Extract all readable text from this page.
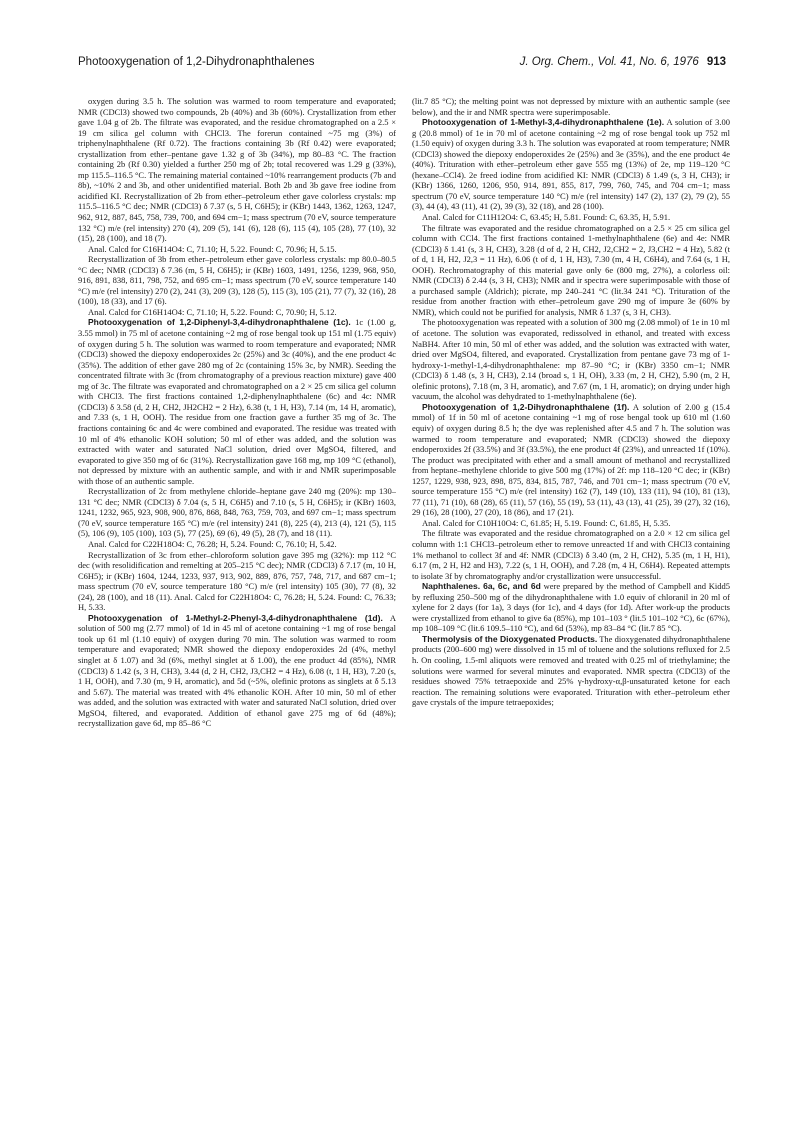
Photooxygenation of 1,2-Dihydronaphthalenes	J. Org. Chem., Vol. 41, No. 6, 1976 913

oxygen during 3.5 h. The solution was warmed to room temperature and evaporated; NMR (CDCl3) showed two compounds, 2b (40%) and 3b (60%). Crystallization from ether gave 1.04 g of 2b. The filtrate was evaporated, and the residue chromatographed on a 2.5 × 19 cm silica gel column with CHCl3. The forerun contained ~75 mg (3%) of triphenylnaphthalene (Rf 0.72). The fractions containing 3b (Rf 0.42) were evaporated; crystallization from ether–pentane gave 1.32 g of 3b (34%), mp 80–83 °C. The fraction containing 2b (Rf 0.30) yielded a further 250 mg of 2b; total recovered was 1.29 g (33%), mp 115.5–116.5 °C. The remaining material contained ~10% rearrangement products (7b and 8b), ~10% 2 and 3b, and other unidentified material. Both 2b and 3b gave free iodine from acidified KI. Recrystallization of 2b from ether–petroleum ether gave colorless crystals: mp 115.5–116.5 °C dec; NMR (CDCl3) δ 7.37 (s, 5 H, C6H5); ir (KBr) 1443, 1362, 1263, 1247, 962, 912, 887, 845, 758, 739, 700, and 694 cm−1; mass spectrum (70 eV, source temperature 132 °C) m/e (rel intensity) 270 (4), 209 (5), 141 (6), 128 (6), 115 (4), 105 (28), 77 (10), 32 (15), 28 (100), and 18 (7).

Anal. Calcd for C16H14O4: C, 71.10; H, 5.22. Found: C, 70.96; H, 5.15.

Recrystallization of 3b from ether–petroleum ether gave colorless crystals: mp 80.0–80.5 °C dec; NMR (CDCl3) δ 7.36 (m, 5 H, C6H5); ir (KBr) 1603, 1491, 1256, 1239, 968, 950, 916, 891, 838, 811, 798, 752, and 695 cm−1; mass spectrum (70 eV, source temperature 140 °C) m/e (rel intensity) 270 (2), 241 (3), 209 (3), 128 (5), 115 (3), 105 (21), 77 (7), 32 (16), 28 (100), 18 (33), and 17 (6).

Anal. Calcd for C16H14O4: C, 71.10; H, 5.22. Found: C, 70.90; H, 5.12.

Photooxygenation of 1,2-Diphenyl-3,4-dihydronaphthalene (1c). 1c (1.00 g, 3.55 mmol) in 75 ml of acetone containing ~2 mg of rose bengal took up 151 ml (1.75 equiv) of oxygen during 5 h. The solution was warmed to room temperature and evaporated; NMR (CDCl3) showed the diepoxy endoperoxides 2c (25%) and 3c (40%), and the ene product 4c (35%). The addition of ether gave 280 mg of 2c (containing 15% 3c, by NMR). Seeding the concentrated filtrate with 3c (from chromatography of a previous reaction mixture) gave 400 mg of 3c. The filtrate was evaporated and chromatographed on a 2 × 25 cm silica gel column with CHCl3. The first fractions contained 1,2-diphenylnaphthalene (6c) and 4c: NMR (CDCl3) δ 3.58 (d, 2 H, CH2, JH2CH2 = 2 Hz), 6.38 (t, 1 H, H3), 7.14 (m, 14 H, aromatic), and 7.33 (s, 1 H, OOH). The residue from one fraction gave a further 35 mg of 3c. The fractions containing 6c and 4c were combined and evaporated. The residue was treated with 10 ml of 4% ethanolic KOH solution; 50 ml of ether was added, and the solution was extracted with water and saturated NaCl solution, dried over MgSO4, filtered, and evaporated to give 350 mg of 6c (31%). Recrystallization gave 168 mg, mp 109 °C (ethanol), not depressed by mixture with an authentic sample, and with ir and NMR superimposable with those of an authentic sample.

Recrystallization of 2c from methylene chloride–heptane gave 240 mg (20%): mp 130–131 °C dec; NMR (CDCl3) δ 7.04 (s, 5 H, C6H5) and 7.10 (s, 5 H, C6H5); ir (KBr) 1603, 1241, 1232, 965, 923, 908, 900, 876, 868, 848, 763, 759, 703, and 697 cm−1; mass spectrum (70 eV, source temperature 165 °C) m/e (rel intensity) 241 (8), 225 (4), 213 (4), 121 (5), 115 (5), 106 (9), 105 (100), 103 (5), 77 (25), 69 (6), 49 (5), 28 (7), and 18 (11).

Anal. Calcd for C22H18O4: C, 76.28; H, 5.24. Found: C, 76.10; H, 5.42.

Recrystallization of 3c from ether–chloroform solution gave 395 mg (32%): mp 112 °C dec (with resolidification and remelting at 205–215 °C dec); NMR (CDCl3) δ 7.17 (m, 10 H, C6H5); ir (KBr) 1604, 1244, 1233, 937, 913, 902, 889, 876, 757, 748, 717, and 687 cm−1; mass spectrum (70 eV, source temperature 180 °C) m/e (rel intensity) 105 (30), 77 (8), 32 (24), 28 (100), and 18 (11). Anal. Calcd for C22H18O4: C, 76.28; H, 5.24. Found: C, 76.33; H, 5.33.

Photooxygenation of 1-Methyl-2-Phenyl-3,4-dihydronaphthalene (1d). A solution of 500 mg (2.77 mmol) of 1d in 45 ml of acetone containing ~1 mg of rose bengal took up 61 ml (1.10 equiv) of oxygen during 70 min. The solution was warmed to room temperature and evaporated; NMR showed the diepoxy endoperoxides 2d (4%, methyl singlet at δ 1.07) and 3d (6%, methyl singlet at δ 1.00), the ene product 4d (85%), NMR (CDCl3) δ 1.42 (s, 3 H, CH3), 3.44 (d, 2 H, CH2, J3,CH2 = 4 Hz), 6.08 (t, 1 H, H3), 7.20 (s, 1 H, OOH), and 7.30 (m, 9 H, aromatic), and 5d (~5%, olefinic protons as singlets at δ 5.13 and 5.67). The material was treated with 4% ethanolic KOH. After 10 min, 50 ml of ether was added, and the solution was extracted with water and saturated NaCl solution, dried over MgSO4, filtered, and evaporated. Addition of ethanol gave 275 mg of 6d (48%); recrystallization gave 6d, mp 85–86 °C

(lit.7 85 °C); the melting point was not depressed by mixture with an authentic sample (see below), and the ir and NMR spectra were superimposable.

Photooxygenation of 1-Methyl-3,4-dihydronaphthalene (1e). A solution of 3.00 g (20.8 mmol) of 1e in 70 ml of acetone containing ~2 mg of rose bengal took up 752 ml (1.50 equiv) of oxygen during 3.3 h. The solution was evaporated at room temperature; NMR (CDCl3) showed the diepoxy endoperoxides 2e (25%) and 3e (35%), and the ene product 4e (40%). Trituration with ether–petroleum ether gave 555 mg (13%) of 2e, mp 119–120 °C (hexane–CCl4). 2e freed iodine from acidified KI: NMR (CDCl3) δ 1.49 (s, 3 H, CH3); ir (KBr) 1366, 1260, 1206, 950, 914, 891, 855, 817, 799, 760, 745, and 704 cm−1; mass spectrum (70 eV, source temperature 140 °C) m/e (rel intensity) 147 (2), 137 (2), 79 (2), 55 (3), 44 (4), 43 (11), 41 (2), 39 (3), 32 (18), and 28 (100).

Anal. Calcd for C11H12O4: C, 63.45; H, 5.81. Found: C, 63.35, H, 5.91.

The filtrate was evaporated and the residue chromatographed on a 2.5 × 25 cm silica gel column with CCl4. The first fractions contained 1-methylnaphthalene (6e) and 4e: NMR (CDCl3) δ 1.41 (s, 3 H, CH3), 3.28 (d of d, 2 H, CH2, J2,CH2 = 2, J3,CH2 = 4 Hz), 5.82 (t of d, 1 H, H2, J2,3 = 11 Hz), 6.06 (t of d, 1 H, H3), 7.30 (m, 4 H, C6H4), and 7.64 (s, 1 H, OOH). Rechromatography of this material gave only 6e (800 mg, 27%), a colorless oil: NMR (CDCl3) δ 2.44 (s, 3 H, CH3); NMR and ir spectra were superimposable with those of a purchased sample (Aldrich); picrate, mp 240–241 °C (lit.34 241 °C). Trituration of the residue from another fraction with ether–petroleum gave 290 mg of impure 3e (60% by NMR), which could not be purified for analysis, NMR δ 1.37 (s, 3 H, CH3).

The photooxygenation was repeated with a solution of 300 mg (2.08 mmol) of 1e in 10 ml of acetone. The solution was evaporated, redissolved in ethanol, and treated with excess NaBH4. After 10 min, 50 ml of ether was added, and the solution was extracted with water, dried over MgSO4, filtered, and evaporated. Crystallization from pentane gave 73 mg of 1-hydroxy-1-methyl-1,4-dihydronaphthalene: mp 87–90 °C; ir (KBr) 3350 cm−1; NMR (CDCl3) δ 1.48 (s, 3 H, CH3), 2.14 (broad s, 1 H, OH), 3.33 (m, 2 H, CH2), 5.90 (m, 2 H, olefinic protons), 7.18 (m, 3 H, aromatic), and 7.67 (m, 1 H, aromatic); on drying under high vacuum, the alcohol was dehydrated to 1-methylnaphthalene (6e).

Photooxygenation of 1,2-Dihydronaphthalene (1f). A solution of 2.00 g (15.4 mmol) of 1f in 50 ml of acetone containing ~1 mg of rose bengal took up 610 ml (1.60 equiv) of oxygen during 8.5 h; the dye was replenished after 4.5 and 7 h. The solution was warmed to room temperature and evaporated; NMR (CDCl3) showed the diepoxy endoperoxides 2f (33.5%) and 3f (33.5%), the ene product 4f (23%), and unreacted 1f (10%). The product was precipitated with ether and a small amount of methanol and recrystallized from heptane–methylene chloride to give 500 mg (17%) of 2f: mp 118–120 °C dec; ir (KBr) 1257, 1229, 938, 923, 898, 875, 834, 815, 787, 746, and 701 cm−1; mass spectrum (70 eV, source temperature 155 °C) m/e (rel intensity) 162 (7), 149 (10), 133 (11), 94 (10), 81 (13), 77 (11), 71 (10), 68 (28), 65 (11), 57 (16), 55 (19), 53 (11), 43 (13), 41 (25), 39 (27), 32 (16), 29 (16), 28 (100), 27 (20), 18 (86), and 17 (21).

Anal. Calcd for C10H10O4: C, 61.85; H, 5.19. Found: C, 61.85, H, 5.35.

The filtrate was evaporated and the residue chromatographed on a 2.0 × 12 cm silica gel column with 1:1 CHCl3–petroleum ether to remove unreacted 1f and with CHCl3 containing 1% methanol to collect 3f and 4f: NMR (CDCl3) δ 3.40 (m, 2 H, CH2), 5.35 (m, 1 H, H1), 6.17 (m, 2 H, H2 and H3), 7.22 (s, 1 H, OOH), and 7.28 (m, 4 H, C6H4). Repeated attempts to isolate 3f by chromatography and/or crystallization were unsuccessful.

Naphthalenes. 6a, 6c, and 6d were prepared by the method of Campbell and Kidd5 by refluxing 250–500 mg of the dihydronaphthalene with 1.0 equiv of chloranil in 20 ml of xylene for 2 days (for 1a), 3 days (for 1c), and 4 days (for 1d). After work-up the products were crystallized from ethanol to give 6a (85%), mp 101–103 ° (lit.5 101–102 °C), 6c (67%), mp 108–109 °C (lit.6 109.5–110 °C), and 6d (53%), mp 83–84 °C (lit.7 85 °C).

Thermolysis of the Dioxygenated Products. The dioxygenated dihydronaphthalene products (200–600 mg) were dissolved in 15 ml of toluene and the solutions refluxed for 2.5 h. On cooling, 1.5-ml aliquots were removed and treated with 0.25 ml of triethylamine; the solutions were warmed for several minutes and evaporated. NMR spectra (CDCl3) of the residues showed 75% tetraepoxide and 25% γ-hydroxy-α,β-unsaturated ketone for each reaction. The remaining solutions were evaporated. Trituration with ether–petroleum ether gave crystals of the impure tetraepoxides;
